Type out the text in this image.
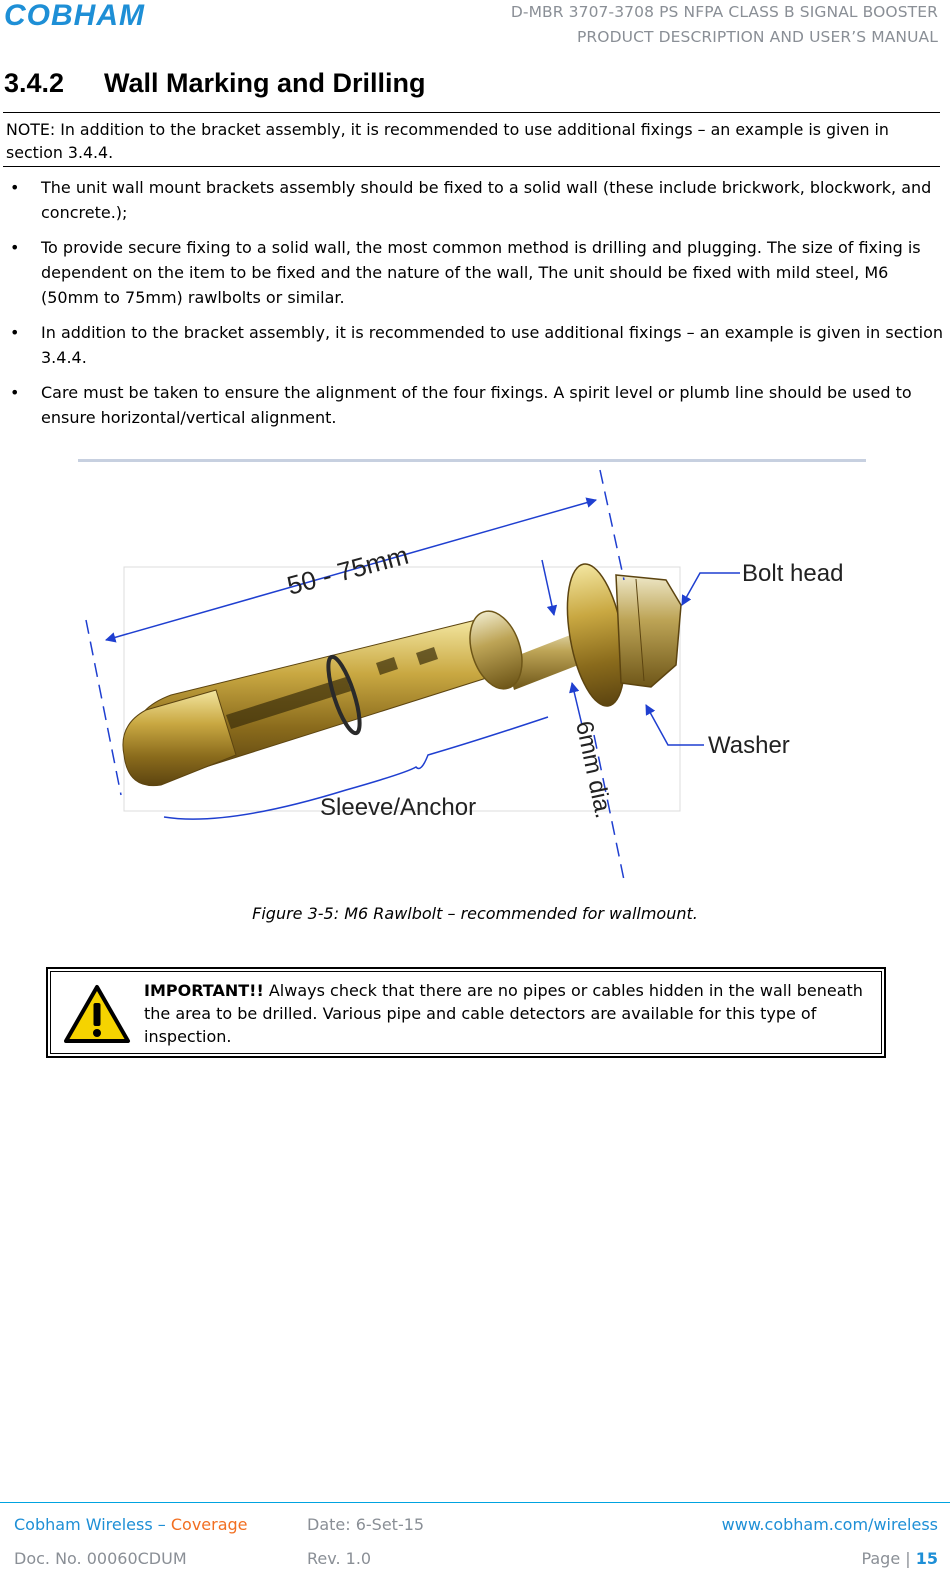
COBHAM	D-MBR 3707-3708 PS NFPA CLASS B SIGNAL BOOSTER
PRODUCT DESCRIPTION AND USER’S MANUAL
3.4.2 Wall Marking and Drilling
NOTE: In addition to the bracket assembly, it is recommended to use additional fixings – an example is given in section 3.4.4.
• The unit wall mount brackets assembly should be fixed to a solid wall (these include brickwork, blockwork, and concrete.);
• To provide secure fixing to a solid wall, the most common method is drilling and plugging. The size of fixing is dependent on the item to be fixed and the nature of the wall, The unit should be fixed with mild steel, M6 (50mm to 75mm) rawlbolts or similar.
• In addition to the bracket assembly, it is recommended to use additional fixings – an example is given in section 3.4.4.
• Care must be taken to ensure the alignment of the four fixings. A spirit level or plumb line should be used to ensure horizontal/vertical alignment.
50 - 75mm	Bolt head
Washer
6mm dia.
Sleeve/Anchor
Figure 3-5: M6 Rawlbolt – recommended for wallmount.
IMPORTANT!! Always check that there are no pipes or cables hidden in the wall beneath the area to be drilled. Various pipe and cable detectors are available for this type of inspection.
Cobham Wireless – Coverage	Date: 6-Set-15	www.cobham.com/wireless
Doc. No. 00060CDUM	Rev. 1.0	Page | 15
